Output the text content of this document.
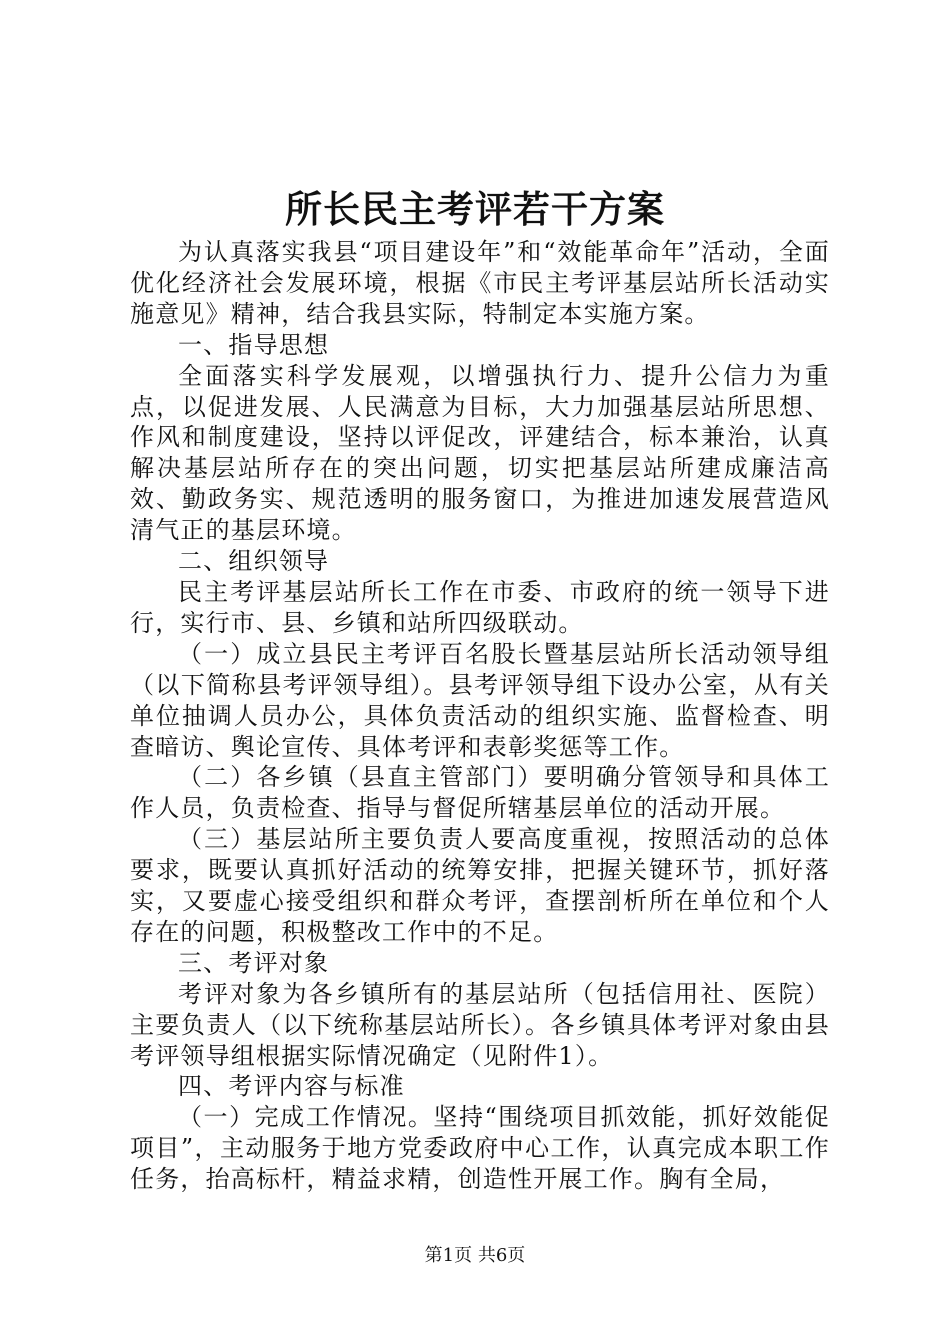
所长民主考评若干方案

为认真落实我县“项目建设年”和“效能革命年”活动，全面优化经济社会发展环境，根据《市民主考评基层站所长活动实施意见》精神，结合我县实际，特制定本实施方案。

一、指导思想

全面落实科学发展观，以增强执行力、提升公信力为重点，以促进发展、人民满意为目标，大力加强基层站所思想、作风和制度建设，坚持以评促改，评建结合，标本兼治，认真解决基层站所存在的突出问题，切实把基层站所建成廉洁高效、勤政务实、规范透明的服务窗口，为推进加速发展营造风清气正的基层环境。

二、组织领导

民主考评基层站所长工作在市委、市政府的统一领导下进行，实行市、县、乡镇和站所四级联动。

（一）成立县民主考评百名股长暨基层站所长活动领导组（以下简称县考评领导组）。县考评领导组下设办公室，从有关单位抽调人员办公，具体负责活动的组织实施、监督检查、明查暗访、舆论宣传、具体考评和表彰奖惩等工作。

（二）各乡镇（县直主管部门）要明确分管领导和具体工作人员，负责检查、指导与督促所辖基层单位的活动开展。

（三）基层站所主要负责人要高度重视，按照活动的总体要求，既要认真抓好活动的统筹安排，把握关键环节，抓好落实，又要虚心接受组织和群众考评，查摆剖析所在单位和个人存在的问题，积极整改工作中的不足。

三、考评对象

考评对象为各乡镇所有的基层站所（包括信用社、医院）主要负责人（以下统称基层站所长）。各乡镇具体考评对象由县考评领导组根据实际情况确定（见附件1）。

四、考评内容与标准

（一）完成工作情况。坚持“围绕项目抓效能，抓好效能促项目”，主动服务于地方党委政府中心工作，认真完成本职工作任务，抬高标杆，精益求精，创造性开展工作。胸有全局，

第1页 共6页
